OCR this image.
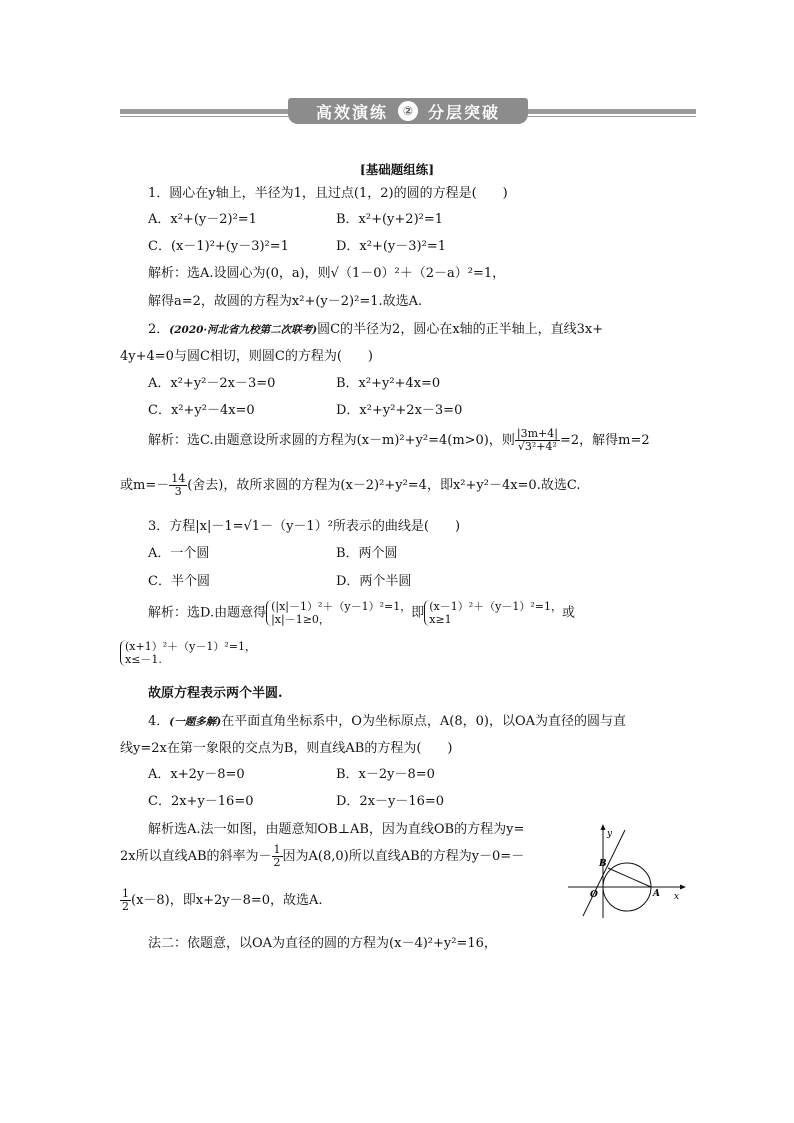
高效演练	② 分层突破
[基础题组练]
1．圆心在y轴上，半径为1，且过点(1，2)的圆的方程是(　　)
A．x²+(y－2)²=1	B．x²+(y+2)²=1
C．(x－1)²+(y－3)²=1	D．x²+(y－3)²=1
解析：选A.设圆心为(0，a)，则√（1－0）²＋（2－a）²=1，
解得a=2，故圆的方程为x²+(y－2)²=1.故选A.
2．(2020·河北省九校第二次联考)圆C的半径为2，圆心在x轴的正半轴上，直线3x+
4y+4=0与圆C相切，则圆C的方程为(　　)
A．x²+y²－2x－3=0	B．x²+y²+4x=0
C．x²+y²－4x=0	D．x²+y²+2x－3=0
解析：选C.由题意设所求圆的方程为(x－m)²+y²=4(m>0)，则 $\frac{|3m+4|}{\text{√3²+4²}} =2$，解得m=2
或$m=- \frac{14}{3}$ (舍去)，故所求圆的方程为(x－2)²+y²=4，即x²+y²－4x=0.故选C.
3．方程|x|－1=√1－（y－1）²所表示的曲线是(　　)
A．一个圆	B．两个圆
C．半个圆	D．两个半圆
解析：选D.由题意得 (|x|－1）²＋（y－1）²=1，
|x|－1≥0，	即 (x－1）²＋（y－1）²=1，
x≥1	或
(x+1）²＋（y－1）²=1，
x≤－1.
故原方程表示两个半圆.
4．(一题多解)在平面直角坐标系中，O为坐标原点，A(8，0)，以OA为直径的圆与直
线y=2x在第一象限的交点为B，则直线AB的方程为(　　)
A．x+2y－8=0	B．x－2y－8=0
C．2x+y－16=0	D．2x－y－16=0
解析选A.法一如图，由题意知OB⊥AB，因为直线OB的方程为y=
2x所以直线AB的斜率为－ $\frac{1}{2}$ 因为A(8,0)所以直线AB的方程为y－0=－
$\frac{1}{2} (x-8)$，即x+2y－8=0，故选A.
法二：依题意，以OA为直径的圆的方程为(x－4)²+y²=16，
y
x
O	A
B
